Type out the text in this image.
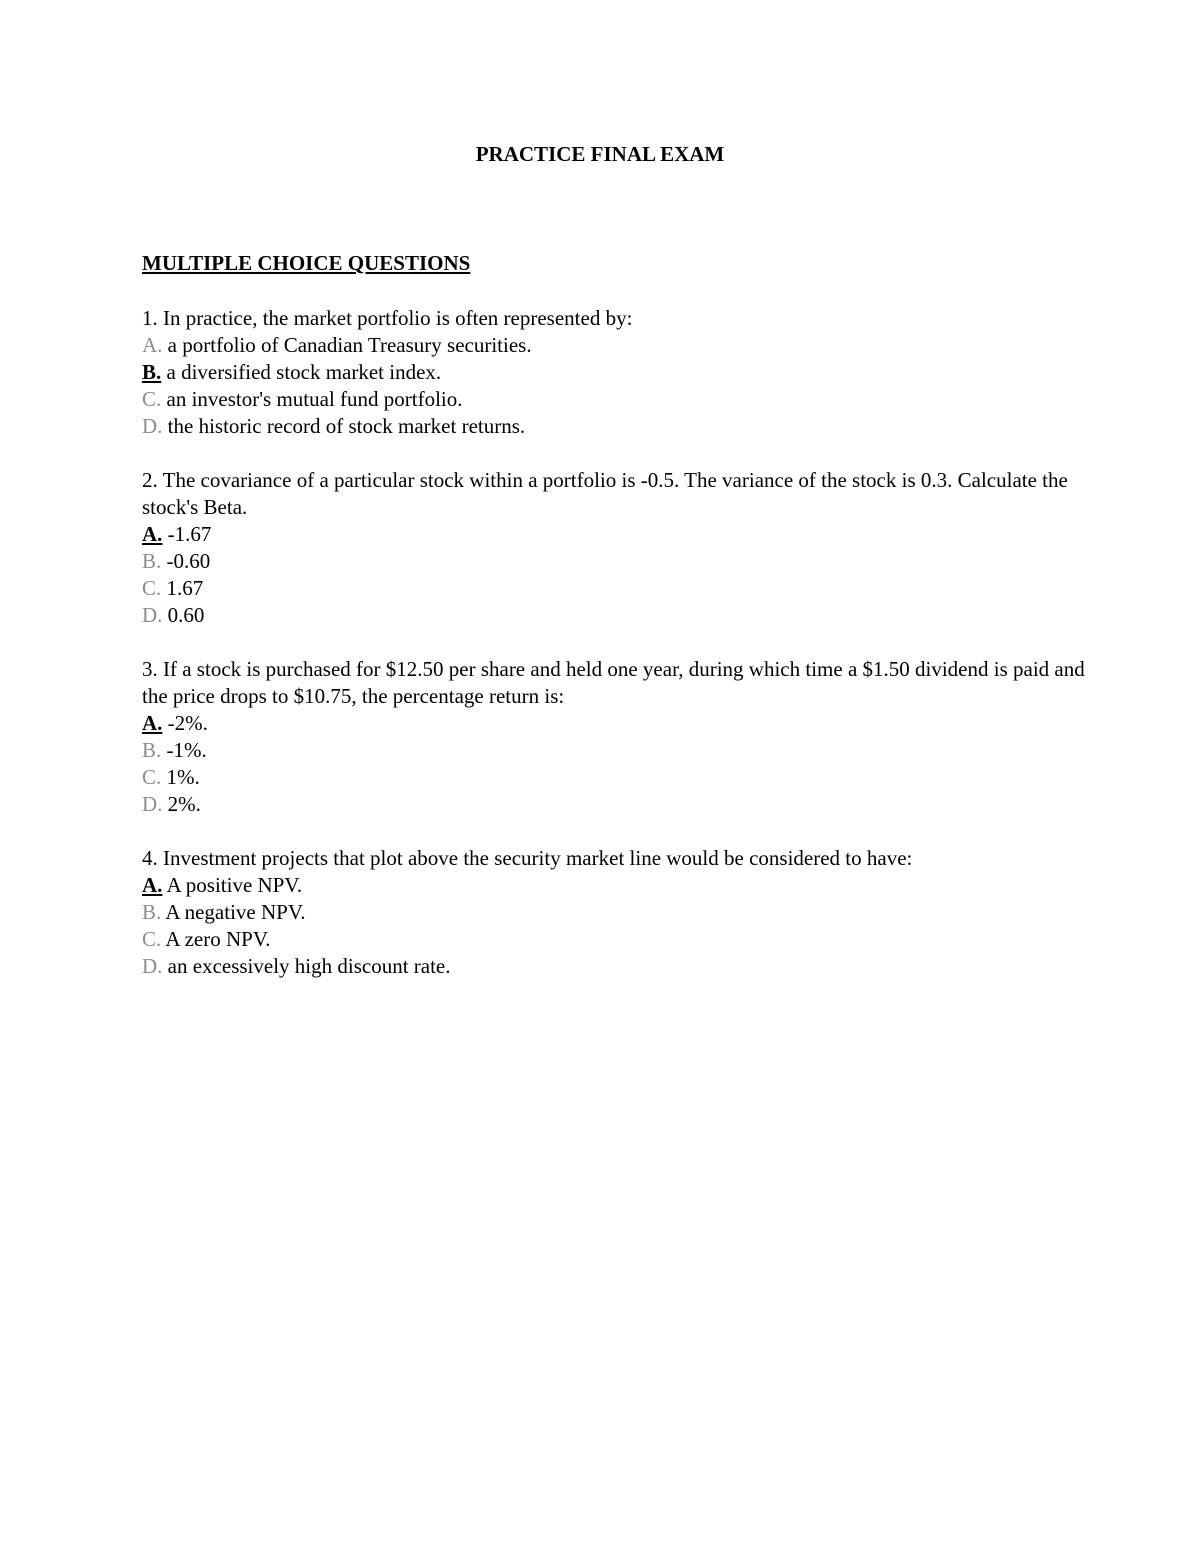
PRACTICE FINAL EXAM
MULTIPLE CHOICE QUESTIONS
1. In practice, the market portfolio is often represented by:
A. a portfolio of Canadian Treasury securities.
B. a diversified stock market index.
C. an investor's mutual fund portfolio.
D. the historic record of stock market returns.
2. The covariance of a particular stock within a portfolio is -0.5. The variance of the stock is 0.3. Calculate the stock's Beta.
A. -1.67
B. -0.60
C. 1.67
D. 0.60
3. If a stock is purchased for $12.50 per share and held one year, during which time a $1.50 dividend is paid and the price drops to $10.75, the percentage return is:
A. -2%.
B. -1%.
C. 1%.
D. 2%.
4. Investment projects that plot above the security market line would be considered to have:
A. A positive NPV.
B. A negative NPV.
C. A zero NPV.
D. an excessively high discount rate.
